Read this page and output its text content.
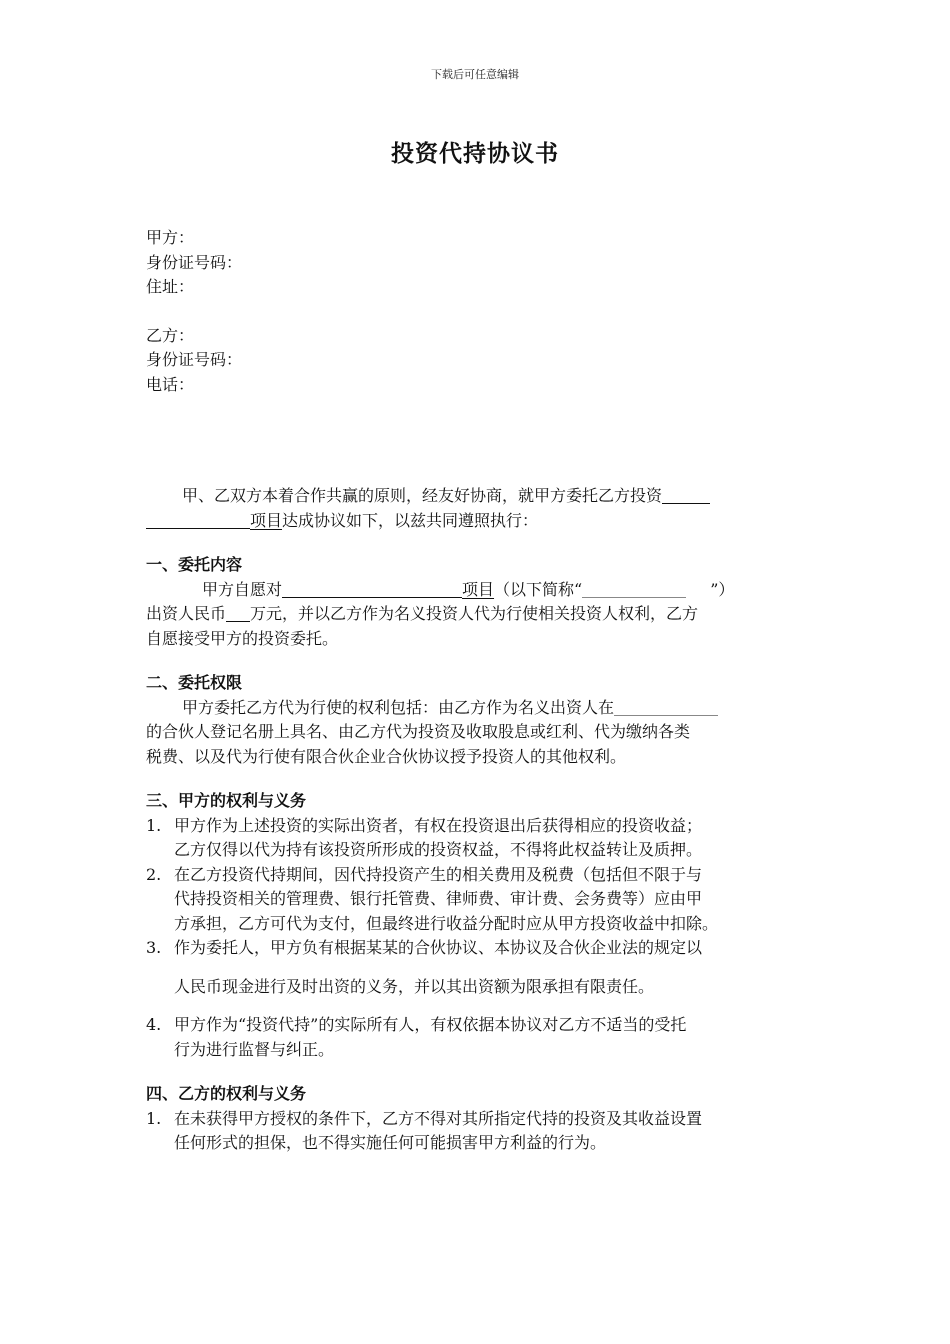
下载后可任意编辑
投资代持协议书
甲方：
身份证号码：
住址：
乙方：
身份证号码：
电话：
甲、乙双方本着合作共赢的原则，经友好协商，就甲方委托乙方投资
项目达成协议如下，以兹共同遵照执行：
一、委托内容
甲方自愿对	项目（以下简称“	”）
出资人民币 万元，并以乙方作为名义投资人代为行使相关投资人权利，乙方
自愿接受甲方的投资委托。
二、委托权限
甲方委托乙方代为行使的权利包括：由乙方作为名义出资人在
的合伙人登记名册上具名、由乙方代为投资及收取股息或红利、代为缴纳各类
税费、以及代为行使有限合伙企业合伙协议授予投资人的其他权利。
三、甲方的权利与义务
1. 甲方作为上述投资的实际出资者，有权在投资退出后获得相应的投资收益；
乙方仅得以代为持有该投资所形成的投资权益，不得将此权益转让及质押。
2. 在乙方投资代持期间，因代持投资产生的相关费用及税费（包括但不限于与
代持投资相关的管理费、银行托管费、律师费、审计费、会务费等）应由甲
方承担，乙方可代为支付，但最终进行收益分配时应从甲方投资收益中扣除。
3. 作为委托人，甲方负有根据某某的合伙协议、本协议及合伙企业法的规定以
人民币现金进行及时出资的义务，并以其出资额为限承担有限责任。
4. 甲方作为“投资代持”的实际所有人，有权依据本协议对乙方不适当的受托
行为进行监督与纠正。
四、乙方的权利与义务
1. 在未获得甲方授权的条件下，乙方不得对其所指定代持的投资及其收益设置
任何形式的担保，也不得实施任何可能损害甲方利益的行为。
